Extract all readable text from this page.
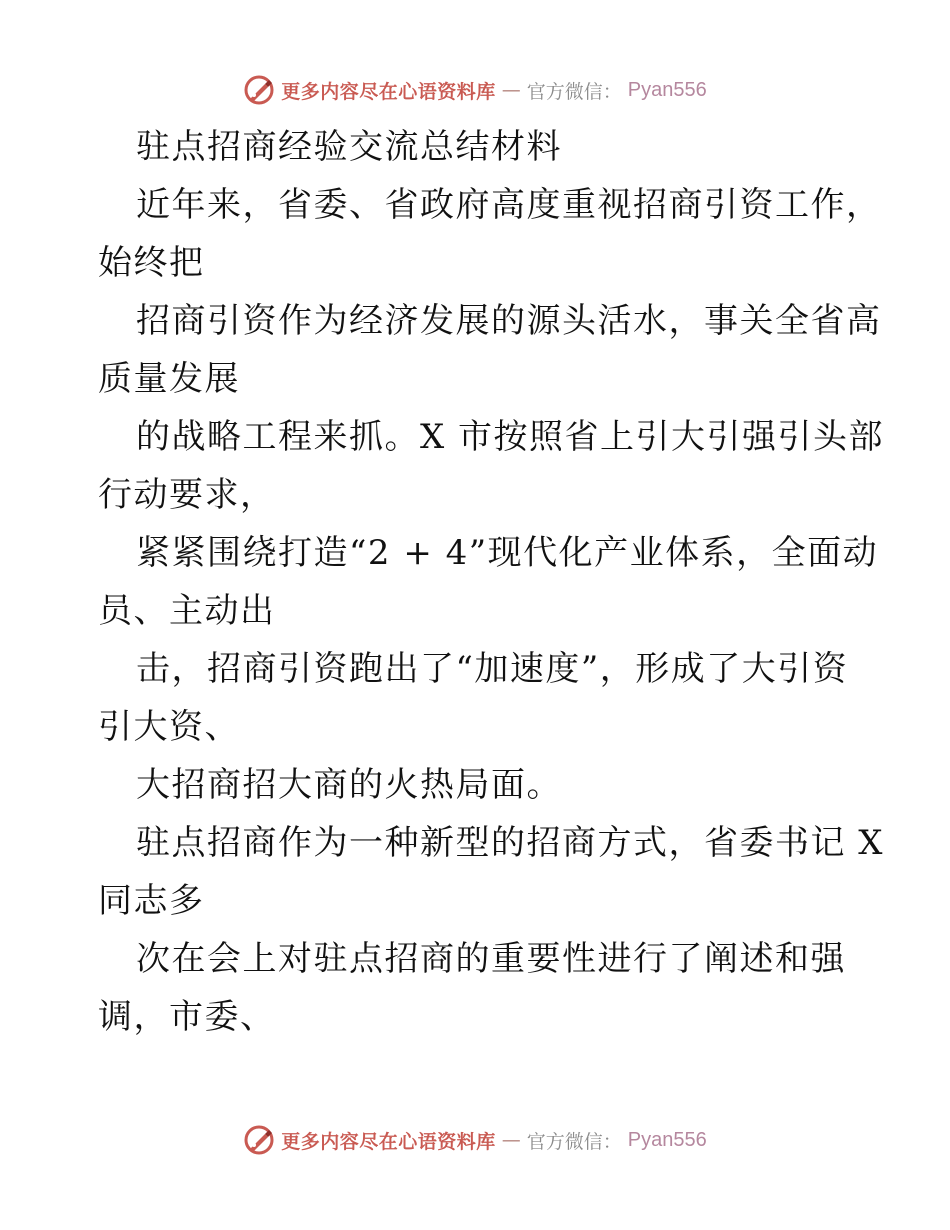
更多内容尽在心语资料库 — 官方微信： Pyan556

驻点招商经验交流总结材料

近年来，省委、省政府高度重视招商引资工作，

始终把

招商引资作为经济发展的源头活水，事关全省高

质量发展

的战略工程来抓。X 市按照省上引大引强引头部

行动要求，

紧紧围绕打造“2 + 4”现代化产业体系，全面动

员、主动出

击，招商引资跑出了“加速度”，形成了大引资

引大资、

大招商招大商的火热局面。

驻点招商作为一种新型的招商方式，省委书记 X

同志多

次在会上对驻点招商的重要性进行了阐述和强

调，市委、

更多内容尽在心语资料库 — 官方微信： Pyan556
